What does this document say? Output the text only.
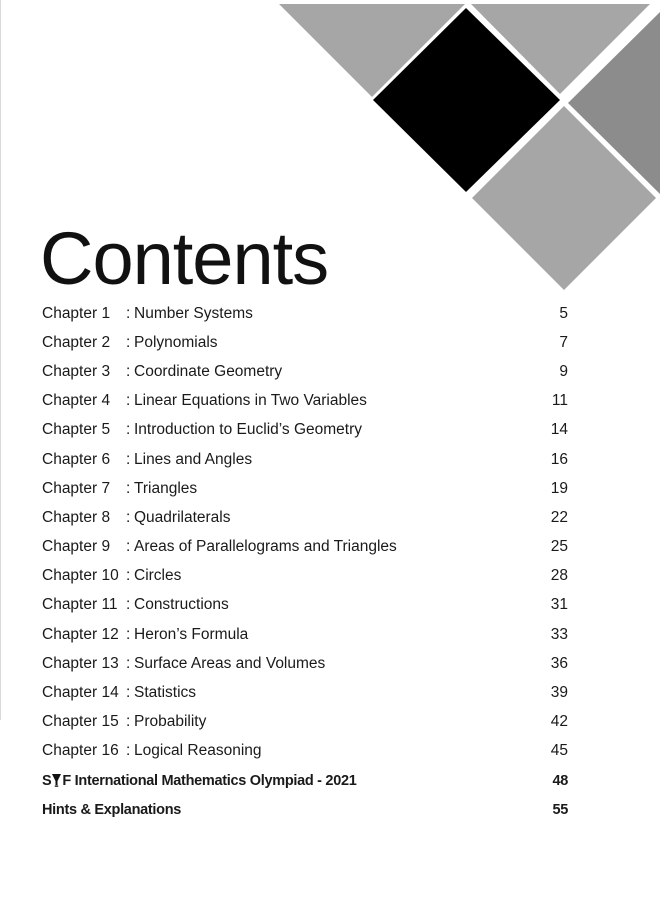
Contents
Chapter 1	: Number Systems	5
Chapter 2	: Polynomials	7
Chapter 3	: Coordinate Geometry	9
Chapter 4	: Linear Equations in Two Variables	11
Chapter 5	: Introduction to Euclid’s Geometry	14
Chapter 6	: Lines and Angles	16
Chapter 7	: Triangles	19
Chapter 8	: Quadrilaterals	22
Chapter 9	: Areas of Parallelograms and Triangles	25
Chapter 10 : Circles	28
Chapter 11 : Constructions	31
Chapter 12 : Heron’s Formula	33
Chapter 13 : Surface Areas and Volumes	36
Chapter 14 : Statistics	39
Chapter 15 : Probability	42
Chapter 16 : Logical Reasoning	45
S F International Mathematics Olympiad - 2021	48
Hints & Explanations	55
